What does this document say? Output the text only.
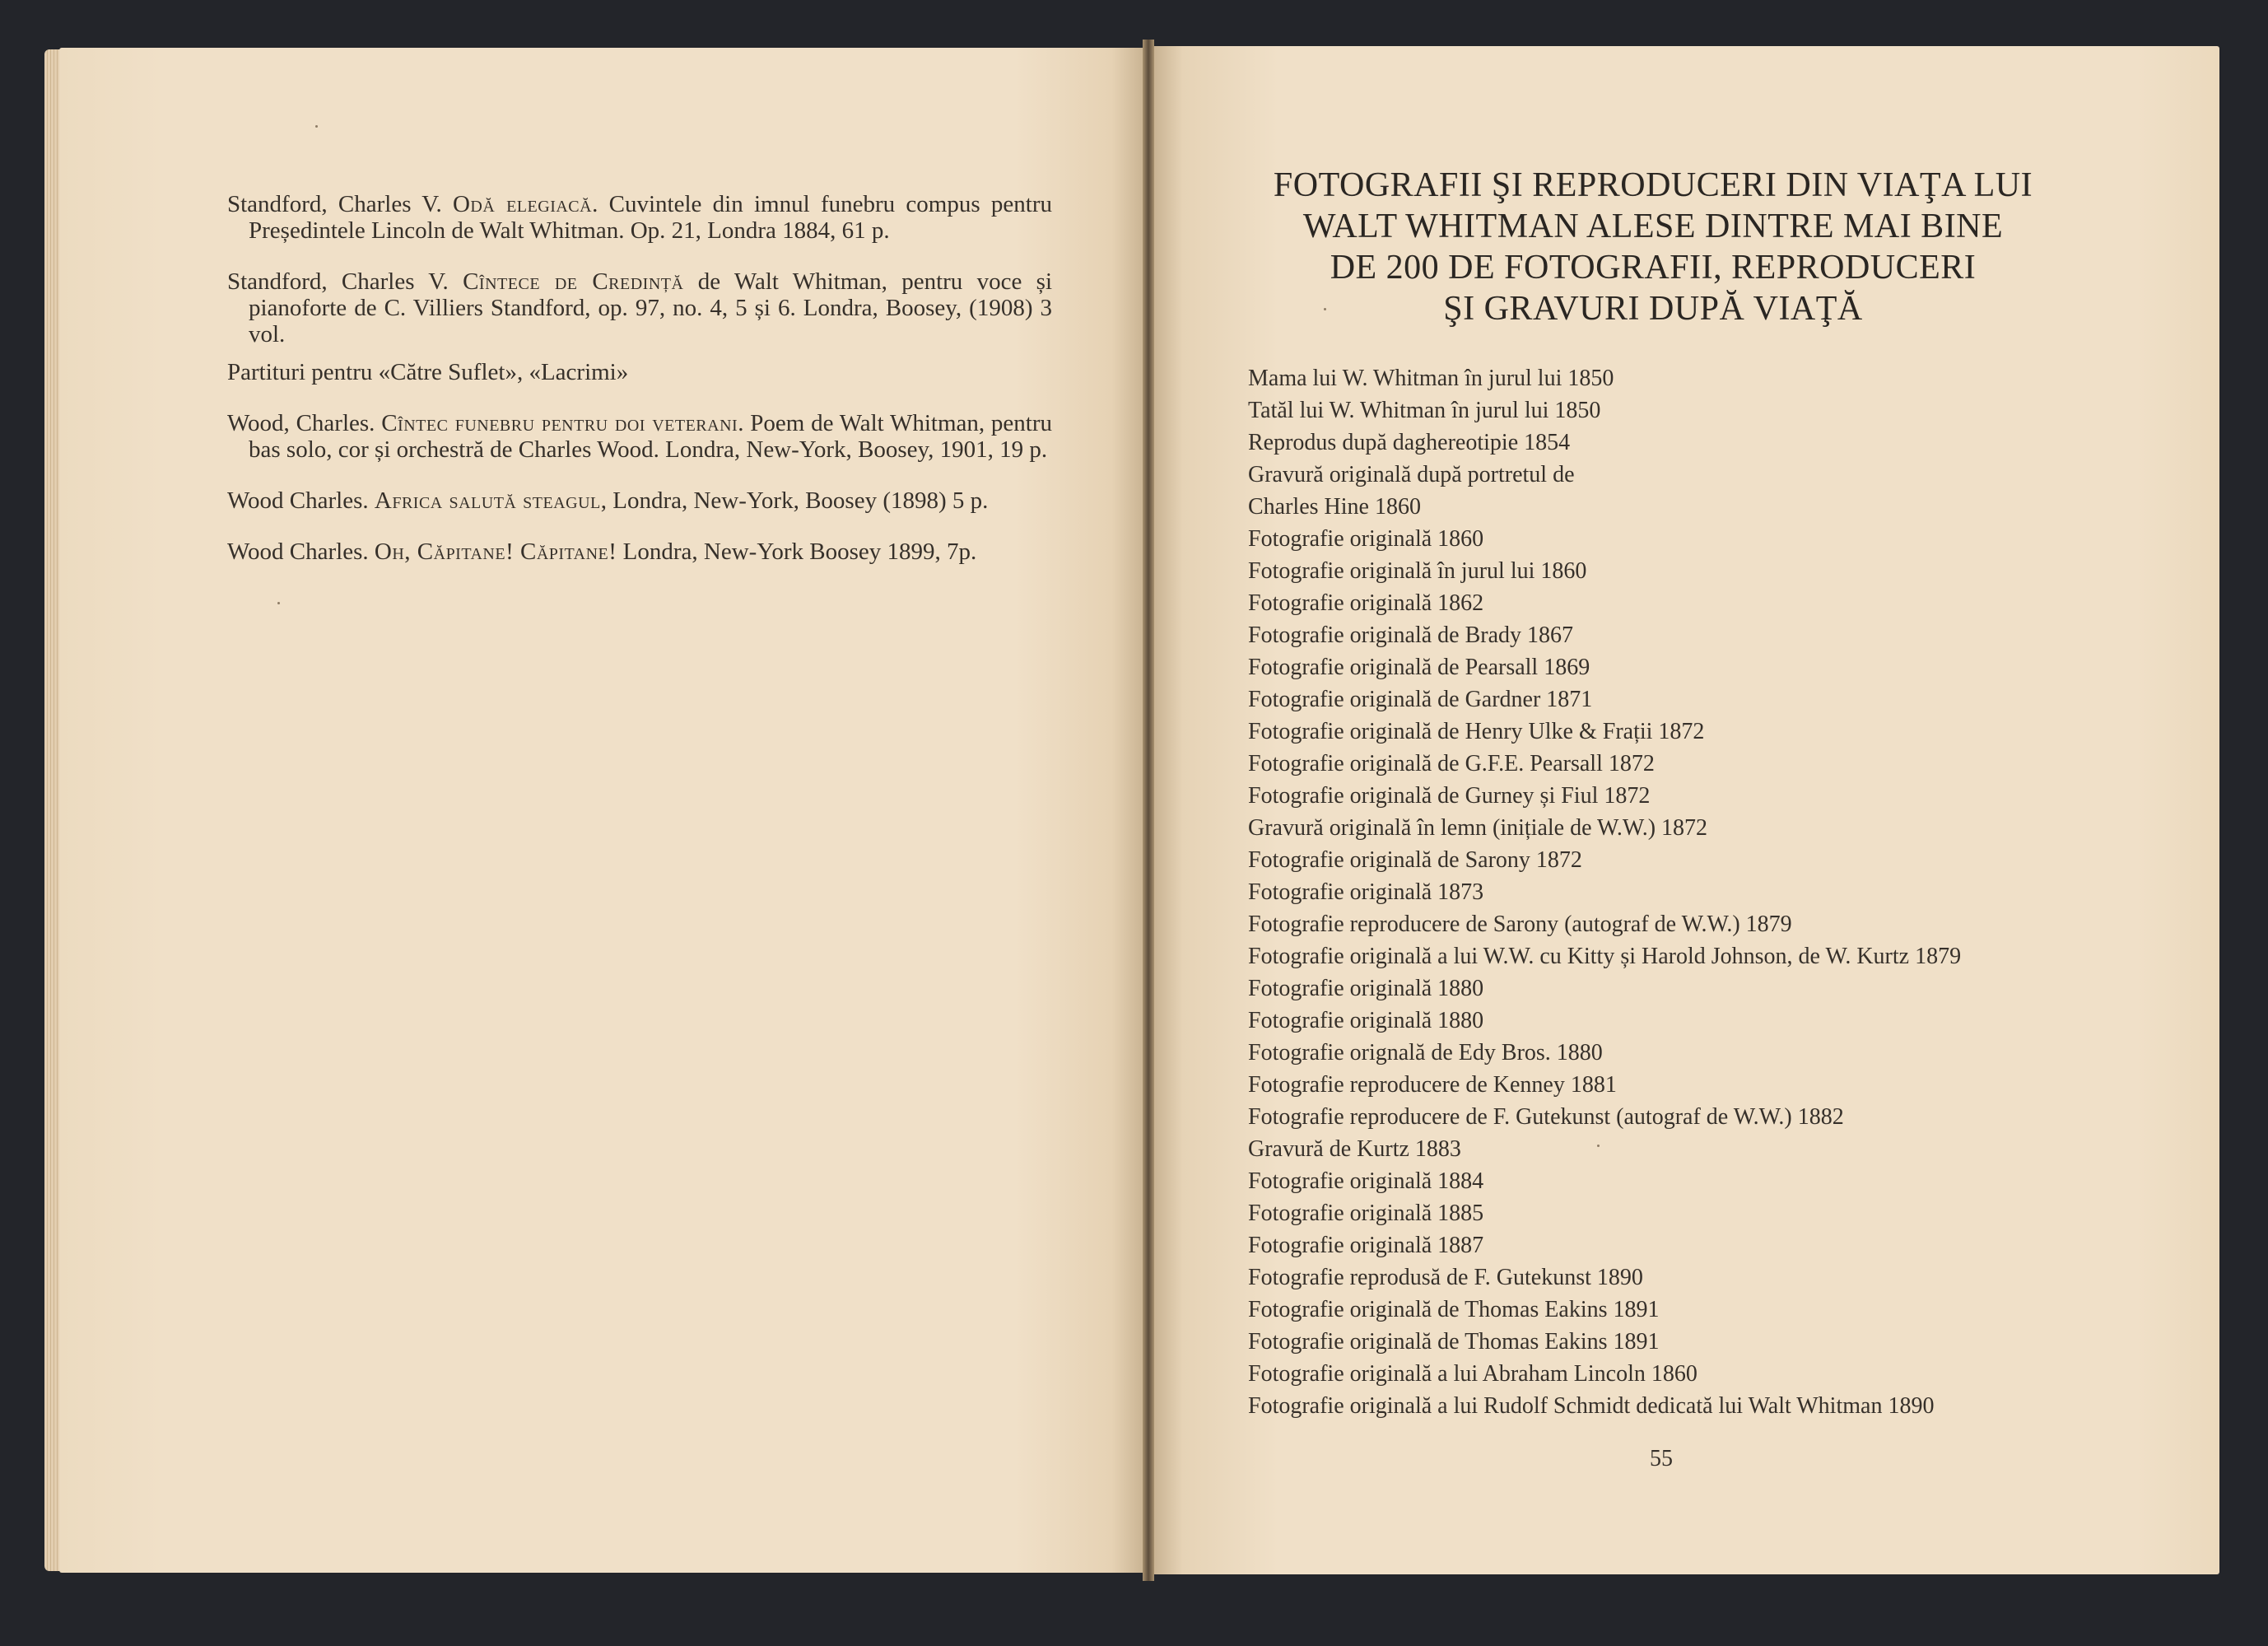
Standford, Charles V. Odă elegiacă. Cuvintele din imnul funebru compus pentru Președintele Lincoln de Walt Whitman. Op. 21, Londra 1884, 61 p.

Standford, Charles V. Cîntece de Credință de Walt Whitman, pentru voce și pianoforte de C. Villiers Standford, op. 97, no. 4, 5 și 6. Londra, Boosey, (1908) 3 vol.

Partituri pentru «Către Suflet», «Lacrimi»

Wood, Charles. Cîntec funebru pentru doi veterani. Poem de Walt Whitman, pentru bas solo, cor și orchestră de Charles Wood. Londra, New-York, Boosey, 1901, 19 p.

Wood Charles. Africa salută steagul, Londra, New-York, Boosey (1898) 5 p.

Wood Charles. Oh, Căpitane! Căpitane! Londra, New-York Boosey 1899, 7p.

FOTOGRAFII ŞI REPRODUCERI DIN VIAŢA LUI
WALT WHITMAN ALESE DINTRE MAI BINE
DE 200 DE FOTOGRAFII, REPRODUCERI
ŞI GRAVURI DUPĂ VIAŢĂ
Mama lui W. Whitman în jurul lui 1850
Tatăl lui W. Whitman în jurul lui 1850
Reprodus după daghereotipie 1854
Gravură originală după portretul de
Charles Hine 1860
Fotografie originală 1860
Fotografie originală în jurul lui 1860
Fotografie originală 1862
Fotografie originală de Brady 1867
Fotografie originală de Pearsall 1869
Fotografie originală de Gardner 1871
Fotografie originală de Henry Ulke & Frații 1872
Fotografie originală de G.F.E. Pearsall 1872
Fotografie originală de Gurney și Fiul 1872
Gravură originală în lemn (inițiale de W.W.) 1872
Fotografie originală de Sarony 1872
Fotografie originală 1873
Fotografie reproducere de Sarony (autograf de W.W.) 1879
Fotografie originală a lui W.W. cu Kitty și Harold Johnson, de W. Kurtz 1879
Fotografie originală 1880
Fotografie originală 1880
Fotografie orignală de Edy Bros. 1880
Fotografie reproducere de Kenney 1881
Fotografie reproducere de F. Gutekunst (autograf de W.W.) 1882
Gravură de Kurtz 1883
Fotografie originală 1884
Fotografie originală 1885
Fotografie originală 1887
Fotografie reprodusă de F. Gutekunst 1890
Fotografie originală de Thomas Eakins 1891
Fotografie originală de Thomas Eakins 1891
Fotografie originală a lui Abraham Lincoln 1860
Fotografie originală a lui Rudolf Schmidt dedicată lui Walt Whitman 1890
55
